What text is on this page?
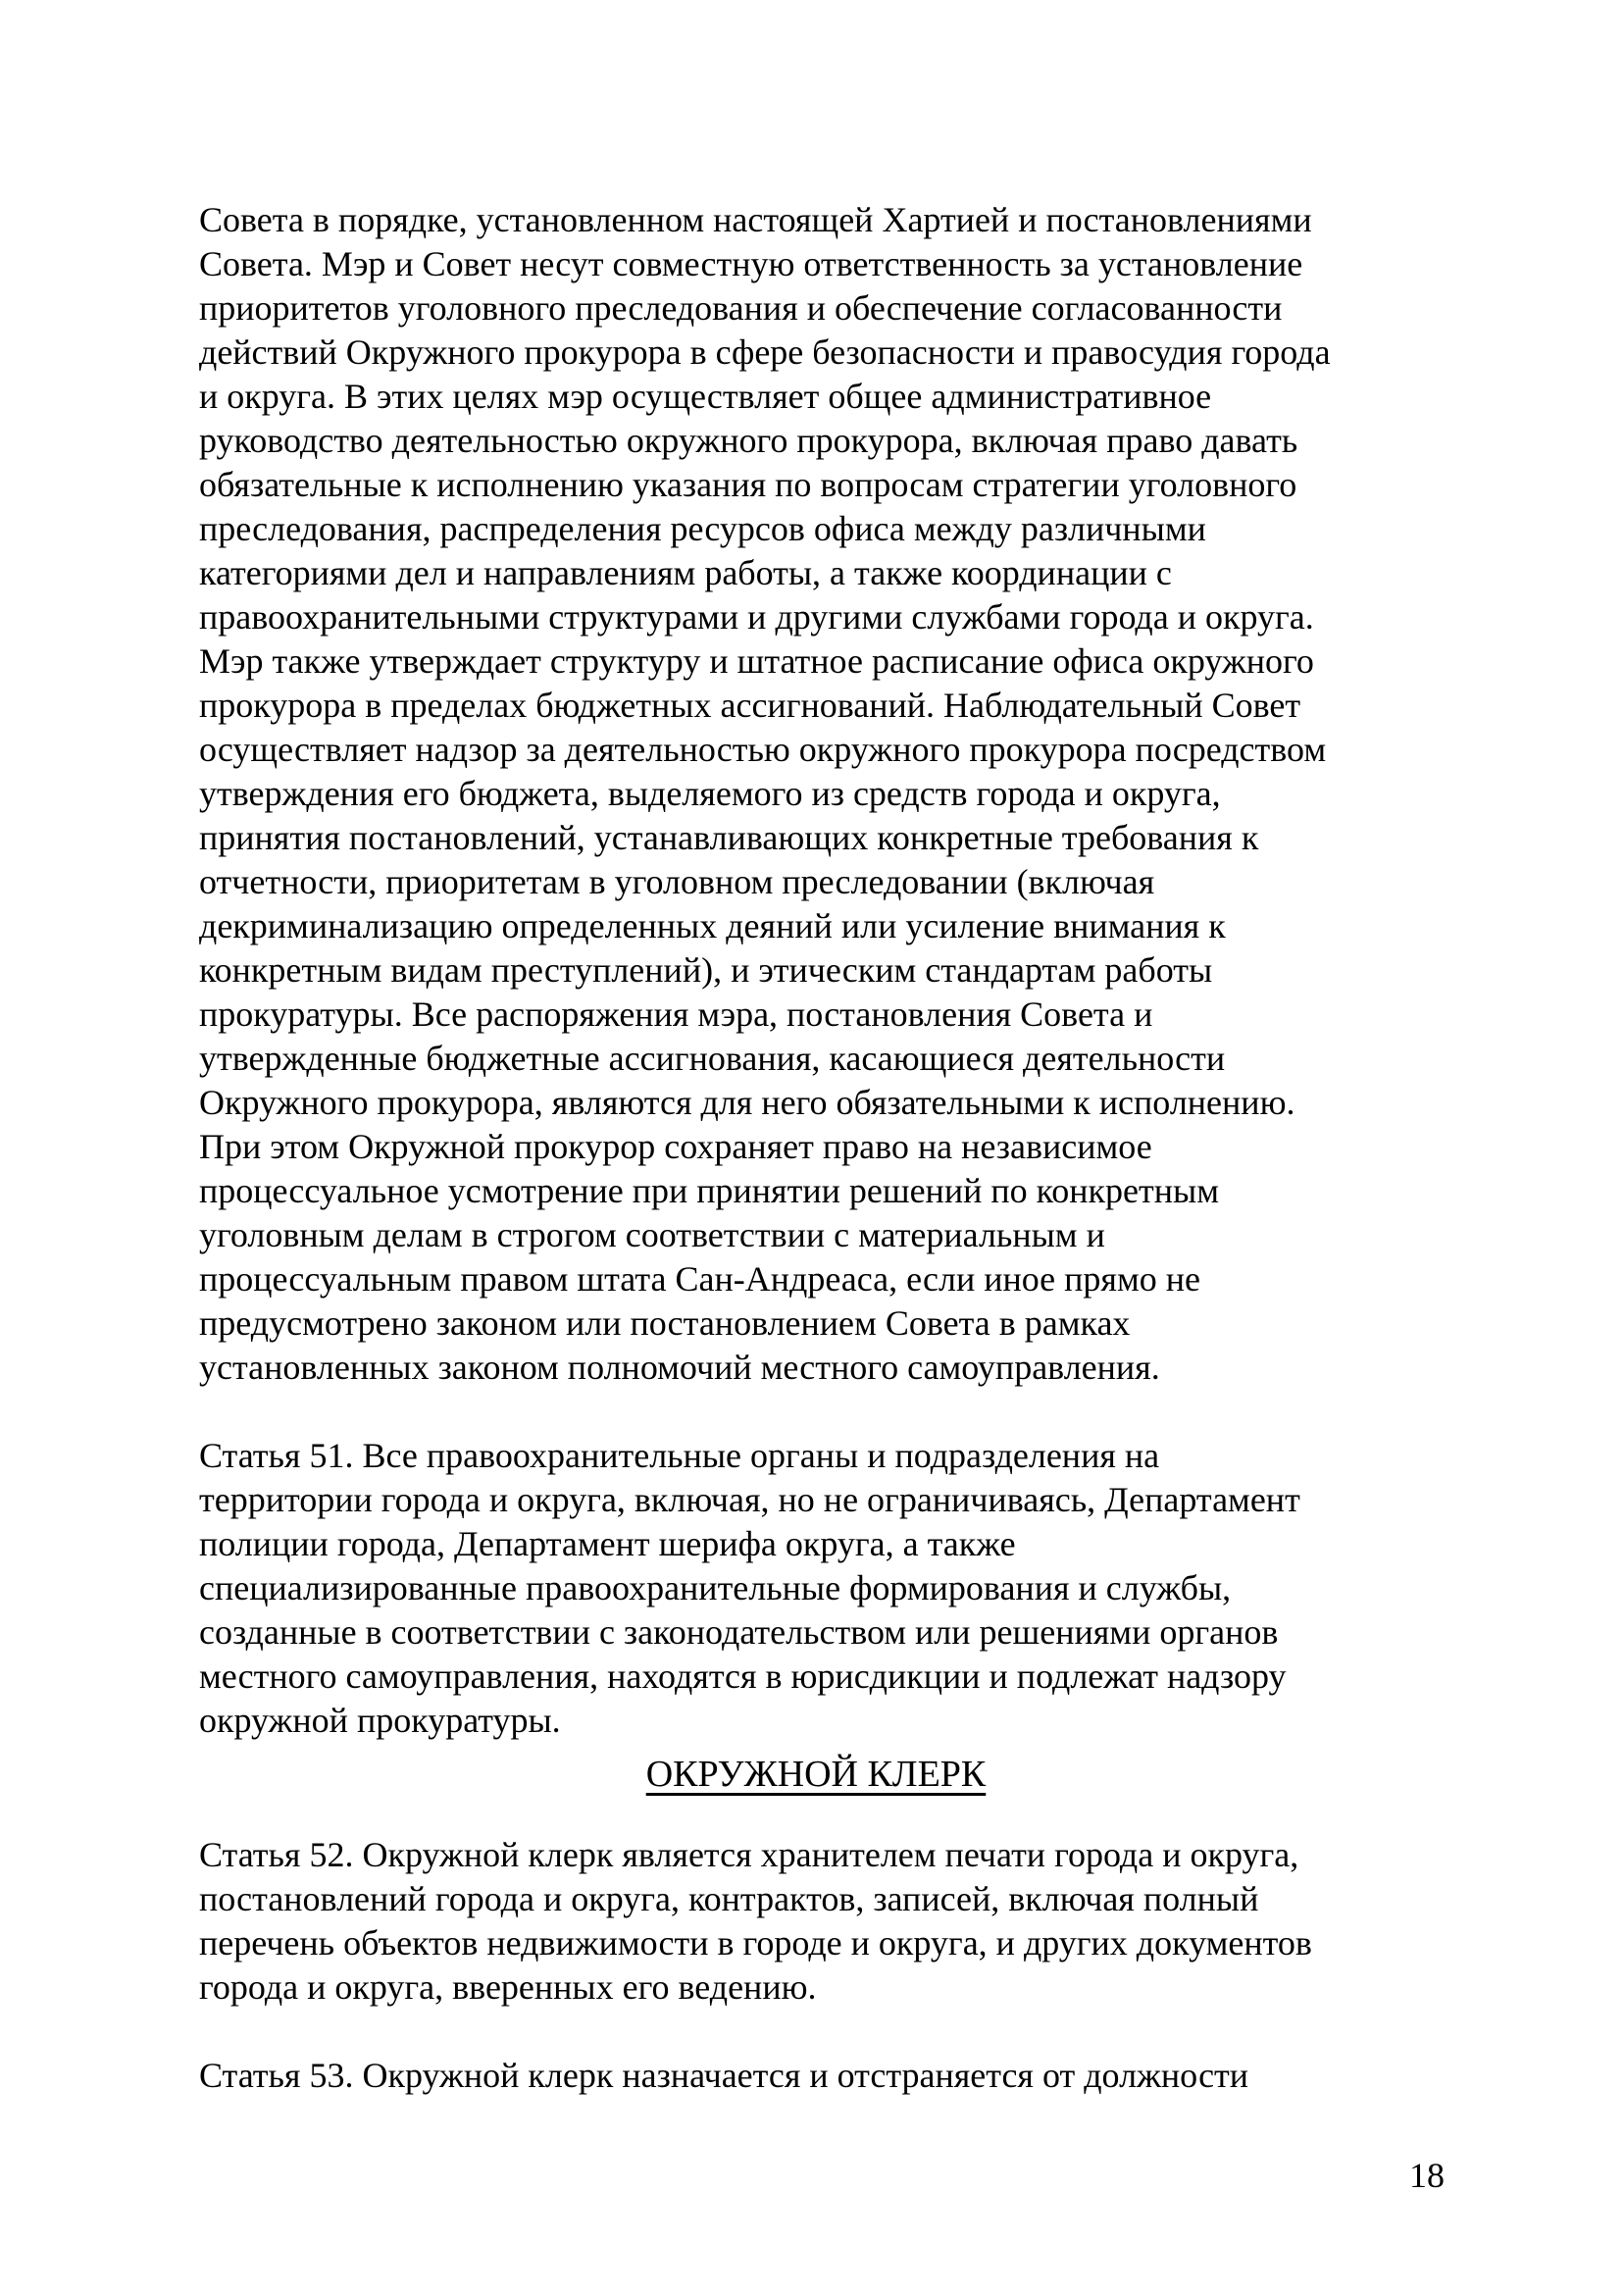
Совета в порядке, установленном настоящей Хартией и постановлениями
Совета. Мэр и Совет несут совместную ответственность за установление
приоритетов уголовного преследования и обеспечение согласованности
действий Окружного прокурора в сфере безопасности и правосудия города
и округа. В этих целях мэр осуществляет общее административное
руководство деятельностью окружного прокурора, включая право давать
обязательные к исполнению указания по вопросам стратегии уголовного
преследования, распределения ресурсов офиса между различными
категориями дел и направлениям работы, а также координации с
правоохранительными структурами и другими службами города и округа.
Мэр также утверждает структуру и штатное расписание офиса окружного
прокурора в пределах бюджетных ассигнований. Наблюдательный Совет
осуществляет надзор за деятельностью окружного прокурора посредством
утверждения его бюджета, выделяемого из средств города и округа,
принятия постановлений, устанавливающих конкретные требования к
отчетности, приоритетам в уголовном преследовании (включая
декриминализацию определенных деяний или усиление внимания к
конкретным видам преступлений), и этическим стандартам работы
прокуратуры. Все распоряжения мэра, постановления Совета и
утвержденные бюджетные ассигнования, касающиеся деятельности
Окружного прокурора, являются для него обязательными к исполнению.
При этом Окружной прокурор сохраняет право на независимое
процессуальное усмотрение при принятии решений по конкретным
уголовным делам в строгом соответствии с материальным и
процессуальным правом штата Сан-Андреаса, если иное прямо не
предусмотрено законом или постановлением Совета в рамках
установленных законом полномочий местного самоуправления.
Статья 51. Все правоохранительные органы и подразделения на
территории города и округа, включая, но не ограничиваясь, Департамент
полиции города, Департамент шерифа округа, а также
специализированные правоохранительные формирования и службы,
созданные в соответствии с законодательством или решениями органов
местного самоуправления, находятся в юрисдикции и подлежат надзору
окружной прокуратуры.
ОКРУЖНОЙ КЛЕРК
Статья 52. Окружной клерк является хранителем печати города и округа,
постановлений города и округа, контрактов, записей, включая полный
перечень объектов недвижимости в городе и округа, и других документов
города и округа, вверенных его ведению.
Статья 53. Окружной клерк назначается и отстраняется от должности
18
